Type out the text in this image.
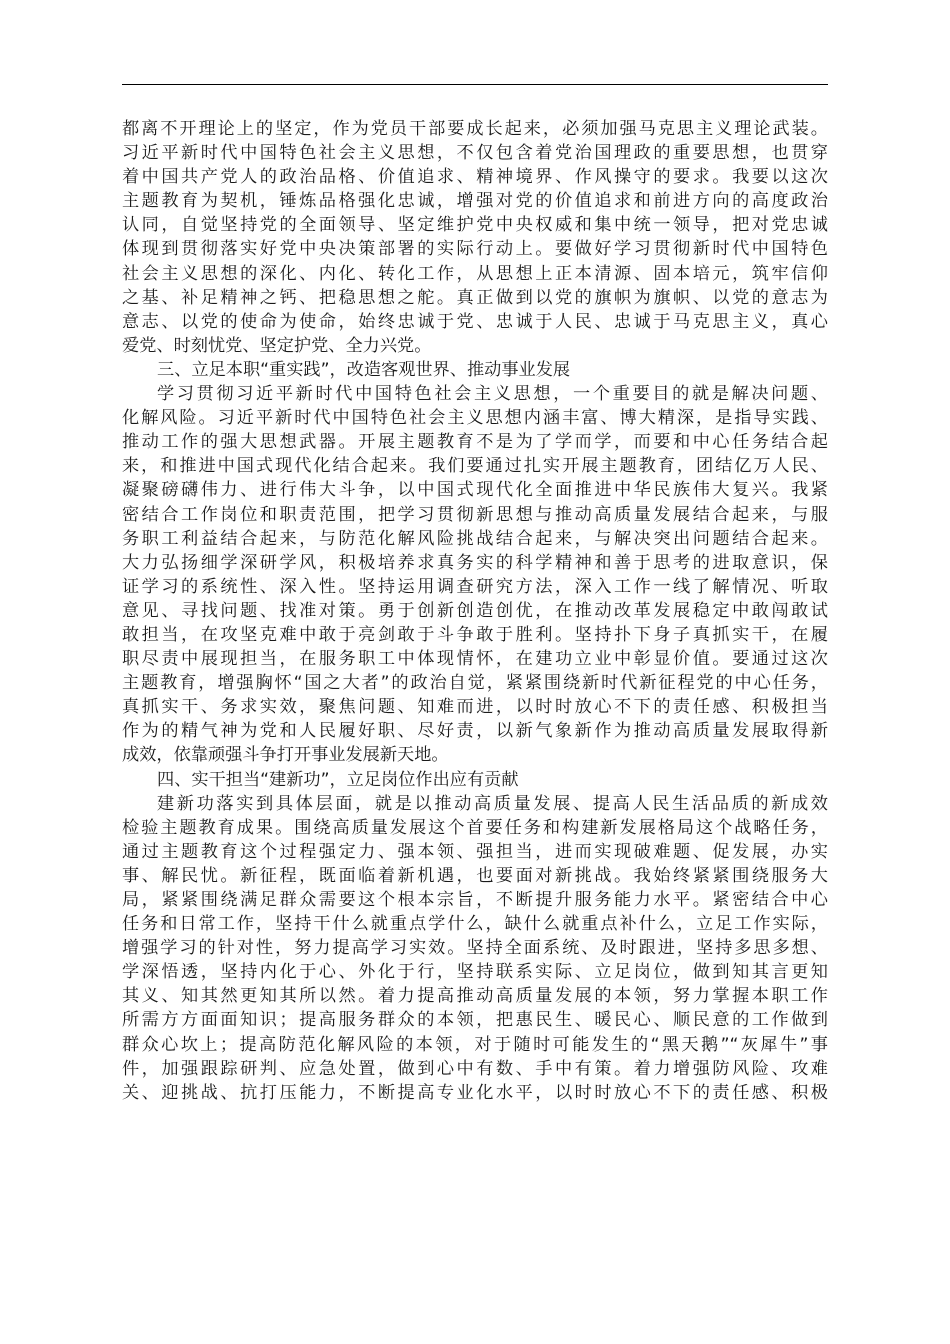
都离不开理论上的坚定，作为党员干部要成长起来，必须加强马克思主义理论武装。
习近平新时代中国特色社会主义思想，不仅包含着党治国理政的重要思想，也贯穿
着中国共产党人的政治品格、价值追求、精神境界、作风操守的要求。我要以这次
主题教育为契机，锤炼品格强化忠诚，增强对党的价值追求和前进方向的高度政治
认同，自觉坚持党的全面领导、坚定维护党中央权威和集中统一领导，把对党忠诚
体现到贯彻落实好党中央决策部署的实际行动上。要做好学习贯彻新时代中国特色
社会主义思想的深化、内化、转化工作，从思想上正本清源、固本培元，筑牢信仰
之基、补足精神之钙、把稳思想之舵。真正做到以党的旗帜为旗帜、以党的意志为
意志、以党的使命为使命，始终忠诚于党、忠诚于人民、忠诚于马克思主义，真心
爱党、时刻忧党、坚定护党、全力兴党。
三、立足本职“重实践”，改造客观世界、推动事业发展
学习贯彻习近平新时代中国特色社会主义思想，一个重要目的就是解决问题、
化解风险。习近平新时代中国特色社会主义思想内涵丰富、博大精深，是指导实践、
推动工作的强大思想武器。开展主题教育不是为了学而学，而要和中心任务结合起
来，和推进中国式现代化结合起来。我们要通过扎实开展主题教育，团结亿万人民、
凝聚磅礴伟力、进行伟大斗争，以中国式现代化全面推进中华民族伟大复兴。我紧
密结合工作岗位和职责范围，把学习贯彻新思想与推动高质量发展结合起来，与服
务职工利益结合起来，与防范化解风险挑战结合起来，与解决突出问题结合起来。
大力弘扬细学深研学风，积极培养求真务实的科学精神和善于思考的进取意识，保
证学习的系统性、深入性。坚持运用调查研究方法，深入工作一线了解情况、听取
意见、寻找问题、找准对策。勇于创新创造创优，在推动改革发展稳定中敢闯敢试
敢担当，在攻坚克难中敢于亮剑敢于斗争敢于胜利。坚持扑下身子真抓实干，在履
职尽责中展现担当，在服务职工中体现情怀，在建功立业中彰显价值。要通过这次
主题教育，增强胸怀“国之大者”的政治自觉，紧紧围绕新时代新征程党的中心任务，
真抓实干、务求实效，聚焦问题、知难而进，以时时放心不下的责任感、积极担当
作为的精气神为党和人民履好职、尽好责，以新气象新作为推动高质量发展取得新
成效，依靠顽强斗争打开事业发展新天地。
四、实干担当“建新功”，立足岗位作出应有贡献
建新功落实到具体层面，就是以推动高质量发展、提高人民生活品质的新成效
检验主题教育成果。围绕高质量发展这个首要任务和构建新发展格局这个战略任务，
通过主题教育这个过程强定力、强本领、强担当，进而实现破难题、促发展，办实
事、解民忧。新征程，既面临着新机遇，也要面对新挑战。我始终紧紧围绕服务大
局，紧紧围绕满足群众需要这个根本宗旨，不断提升服务能力水平。紧密结合中心
任务和日常工作，坚持干什么就重点学什么，缺什么就重点补什么，立足工作实际，
增强学习的针对性，努力提高学习实效。坚持全面系统、及时跟进，坚持多思多想、
学深悟透，坚持内化于心、外化于行，坚持联系实际、立足岗位，做到知其言更知
其义、知其然更知其所以然。着力提高推动高质量发展的本领，努力掌握本职工作
所需方方面面知识；提高服务群众的本领，把惠民生、暖民心、顺民意的工作做到
群众心坎上；提高防范化解风险的本领，对于随时可能发生的“黑天鹅”“灰犀牛”事
件，加强跟踪研判、应急处置，做到心中有数、手中有策。着力增强防风险、攻难
关、迎挑战、抗打压能力，不断提高专业化水平，以时时放心不下的责任感、积极
